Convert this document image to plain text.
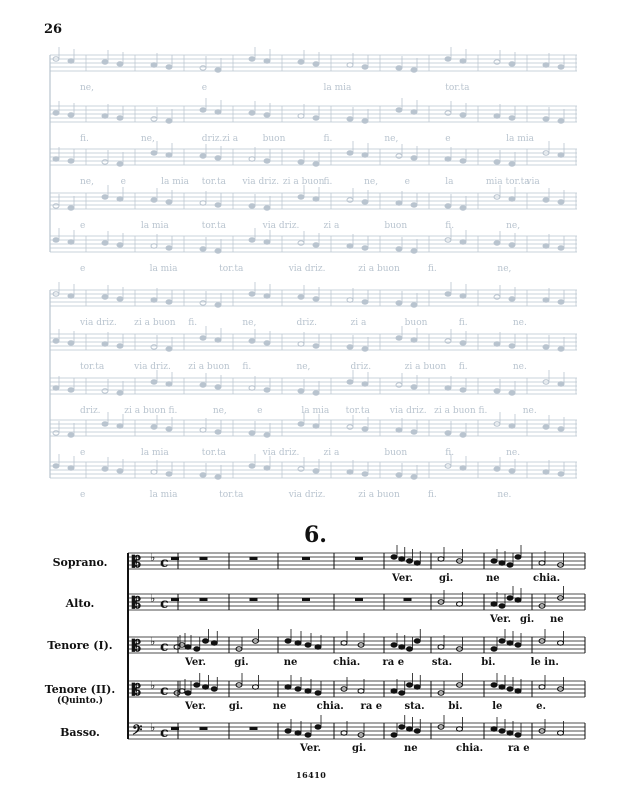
26
6.
Soprano.
Alto.
Tenore (I).
Tenore (II).
(Quinto.)
Basso.
ne,	e	la mia	tor.ta
fi.	ne,	driz.zi a	buon	fi.	ne,	e	la mia
ne,	e	la mia tor.ta via driz. zi a buon fi.	ne,	e	la	mia tor.ta
via
e	la mia	tor.ta	via driz.	zi a	buon	fi.	ne,
e	la mia	tor.ta	via driz.	zi a buon	fi.	ne,
via driz. zi a buon fi.	ne,	driz.	zi a	buon	fi.	ne.
tor.ta	via driz. zi a buon fi.	ne,	driz.	zi a buon fi.	ne.
driz.	zi a buon fi.	ne,	e	la mia tor.ta via driz. zi a buon fi.	ne.
e	la mia	tor.ta	via driz.	zi a	buon	fi.	ne.
e	la mia	tor.ta	via driz.	zi a buon	fi.	ne.
𝄡 ♭ c
Ver.	gi.	ne	chia.
𝄡 ♭ c
Ver. gi. ne
𝄡 ♭ c
Ver.	gi.	ne	chia. ra e	sta.	bi.	le in.
𝄡 ♭ c
Ver. gi.	ne	chia. ra e sta. bi.	le	e.
𝄢 ♭ c
Ver.	gi.	ne	chia. ra e
16410
